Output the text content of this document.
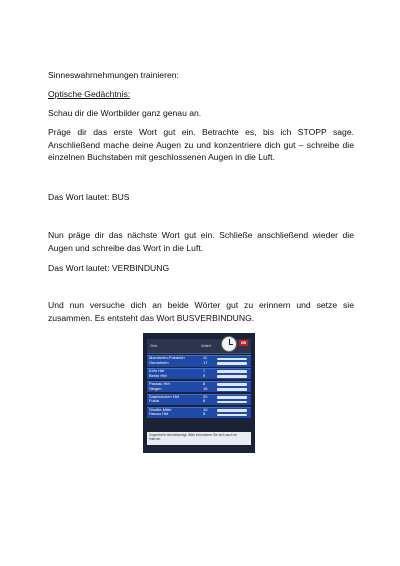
Sinneswahrnehmungen trainieren:

Optische Gedächtnis:

Schau dir die Wortbilder ganz genau an.

Präge dir das erste Wort gut ein. Betrachte es, bis ich STOPP sage. Anschließend mache deine Augen zu und konzentriere dich gut – schreibe die einzelnen Buchstaben mit geschlossenen Augen in die Luft.

Das Wort lautet: BUS

Nun präge dir das nächste Wort gut ein. Schließe anschließend wieder die Augen und schreibe das Wort in die Luft.

Das Wort lautet: VERBINDUNG

Und nun versuche dich an beide Wörter gut zu erinnern und setze sie zusammen. Es entsteht das Wort BUSVERBINDUNG.

Gleis	Abfahrt
DB
Mannheim-Friedrich
Gernsheim
11
17
Köln Hbf
Berlin Hbf
7
9
Passau Hbf
Siegen
8
16
Saarbrücken Hbf
Fulda
20
8
Shuttle-Mitte
Hanau Hbf
10
5
Zugverkehr beeinträchtigt. Bitte informieren Sie sich auch im Internet.
